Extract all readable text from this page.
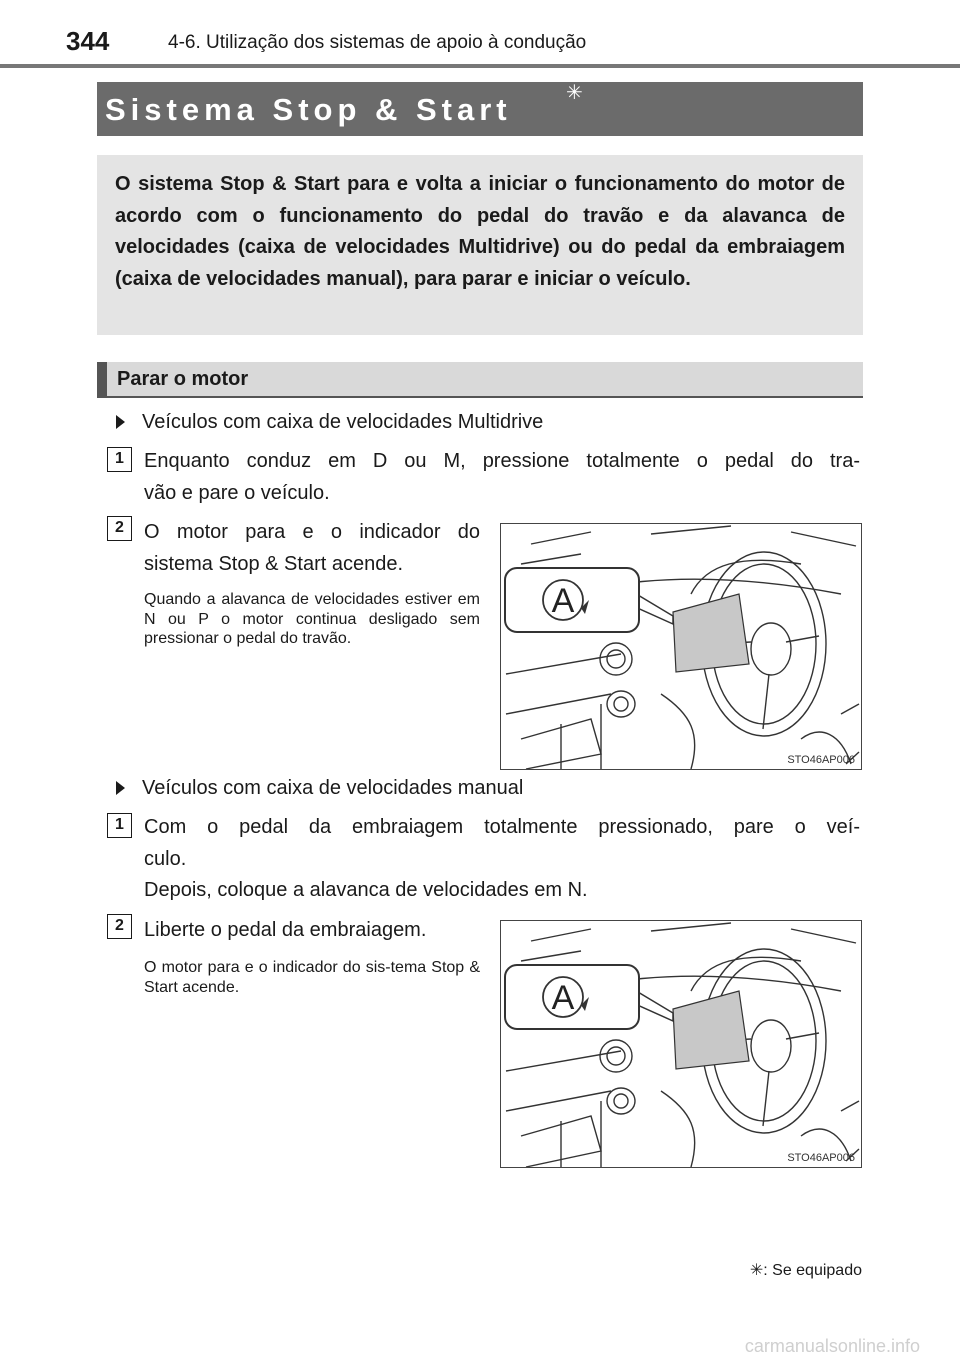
344	4-6. Utilização dos sistemas de apoio à condução
Sistema Stop & Start	✳

O sistema Stop & Start para e volta a iniciar o funcionamento do motor de acordo com o funcionamento do pedal do travão e da alavanca de velocidades (caixa de velocidades Multidrive) ou do pedal da embraiagem (caixa de velocidades manual), para parar e iniciar o veículo.

Parar o motor
Veículos com caixa de velocidades Multidrive
1	Enquanto conduz em D ou M, pressione totalmente o pedal do tra-
vão e pare o veículo.
2	O motor para e o indicador do
sistema Stop & Start acende.
Quando a alavanca de velocidades estiver em N ou P o motor continua desligado sem pressionar o pedal do travão.
A
STO46AP006
Veículos com caixa de velocidades manual
1	Com o pedal da embraiagem totalmente pressionado, pare o veí-
culo.
Depois, coloque a alavanca de velocidades em N.
2	Liberte o pedal da embraiagem.
O motor para e o indicador do sis-tema Stop & Start acende.	A
STO46AP006
✳: Se equipado
carmanualsonline.info
